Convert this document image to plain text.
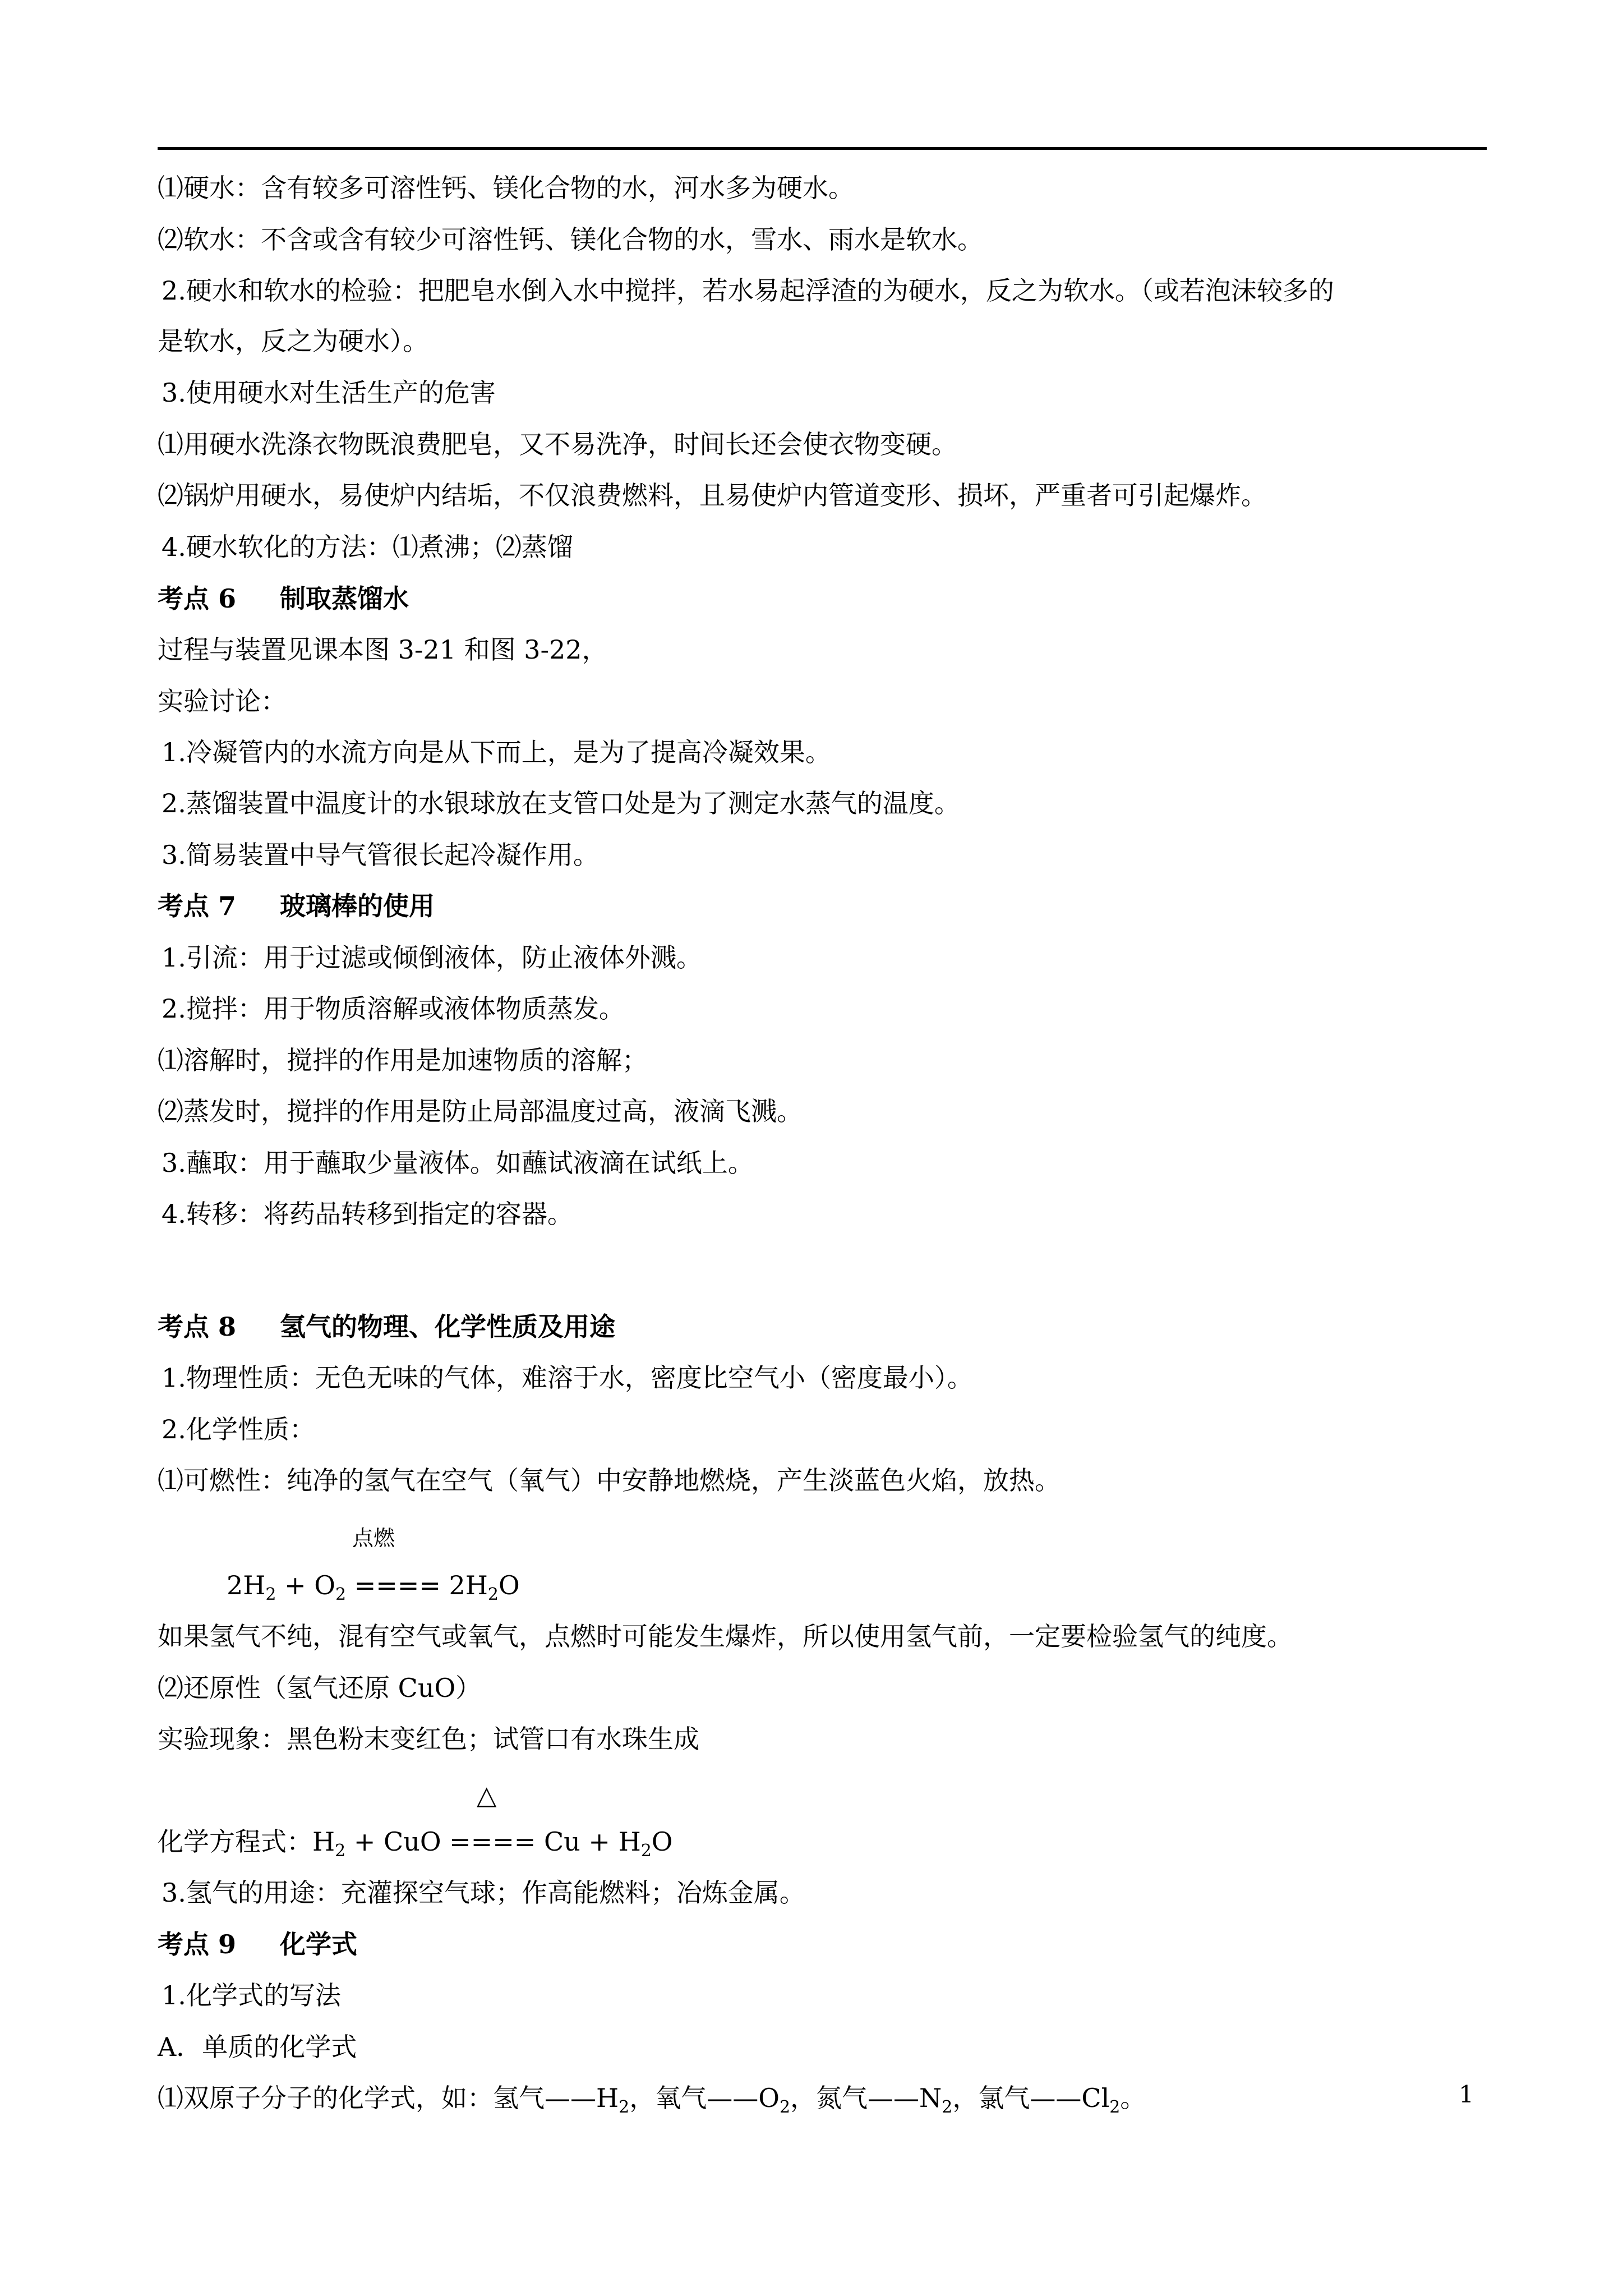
⑴硬水：含有较多可溶性钙、镁化合物的水，河水多为硬水。
⑵软水：不含或含有较少可溶性钙、镁化合物的水，雪水、雨水是软水。
2.硬水和软水的检验：把肥皂水倒入水中搅拌，若水易起浮渣的为硬水，反之为软水。（或若泡沫较多的
是软水，反之为硬水）。
3.使用硬水对生活生产的危害
⑴用硬水洗涤衣物既浪费肥皂，又不易洗净，时间长还会使衣物变硬。
⑵锅炉用硬水，易使炉内结垢，不仅浪费燃料，且易使炉内管道变形、损坏，严重者可引起爆炸。
4.硬水软化的方法：⑴煮沸；⑵蒸馏
考点 6 制取蒸馏水
过程与装置见课本图 3-21 和图 3-22，
实验讨论：
1.冷凝管内的水流方向是从下而上，是为了提高冷凝效果。
2.蒸馏装置中温度计的水银球放在支管口处是为了测定水蒸气的温度。
3.简易装置中导气管很长起冷凝作用。
考点 7 玻璃棒的使用
1.引流：用于过滤或倾倒液体，防止液体外溅。
2.搅拌：用于物质溶解或液体物质蒸发。
⑴溶解时，搅拌的作用是加速物质的溶解；
⑵蒸发时，搅拌的作用是防止局部温度过高，液滴飞溅。
3.蘸取：用于蘸取少量液体。如蘸试液滴在试纸上。
4.转移：将药品转移到指定的容器。
考点 8 氢气的物理、化学性质及用途
1.物理性质：无色无味的气体，难溶于水，密度比空气小（密度最小）。
2.化学性质：
⑴可燃性：纯净的氢气在空气（氧气）中安静地燃烧，产生淡蓝色火焰，放热。
点燃
$2H_2 + O_2$ ==== $2H_2O$
如果氢气不纯，混有空气或氧气，点燃时可能发生爆炸，所以使用氢气前，一定要检验氢气的纯度。
⑵还原性（氢气还原 CuO）
实验现象：黑色粉末变红色；试管口有水珠生成
△
化学方程式：$H_2$ + CuO ==== $Cu + H_2O$
3.氢气的用途：充灌探空气球；作高能燃料；冶炼金属。
考点 9 化学式
1.化学式的写法
A．单质的化学式
⑴双原子分子的化学式，如：氢气$——H_2$，氧气$——O_2$，氮气$——N_2$，氯气$——Cl_2$。	1
